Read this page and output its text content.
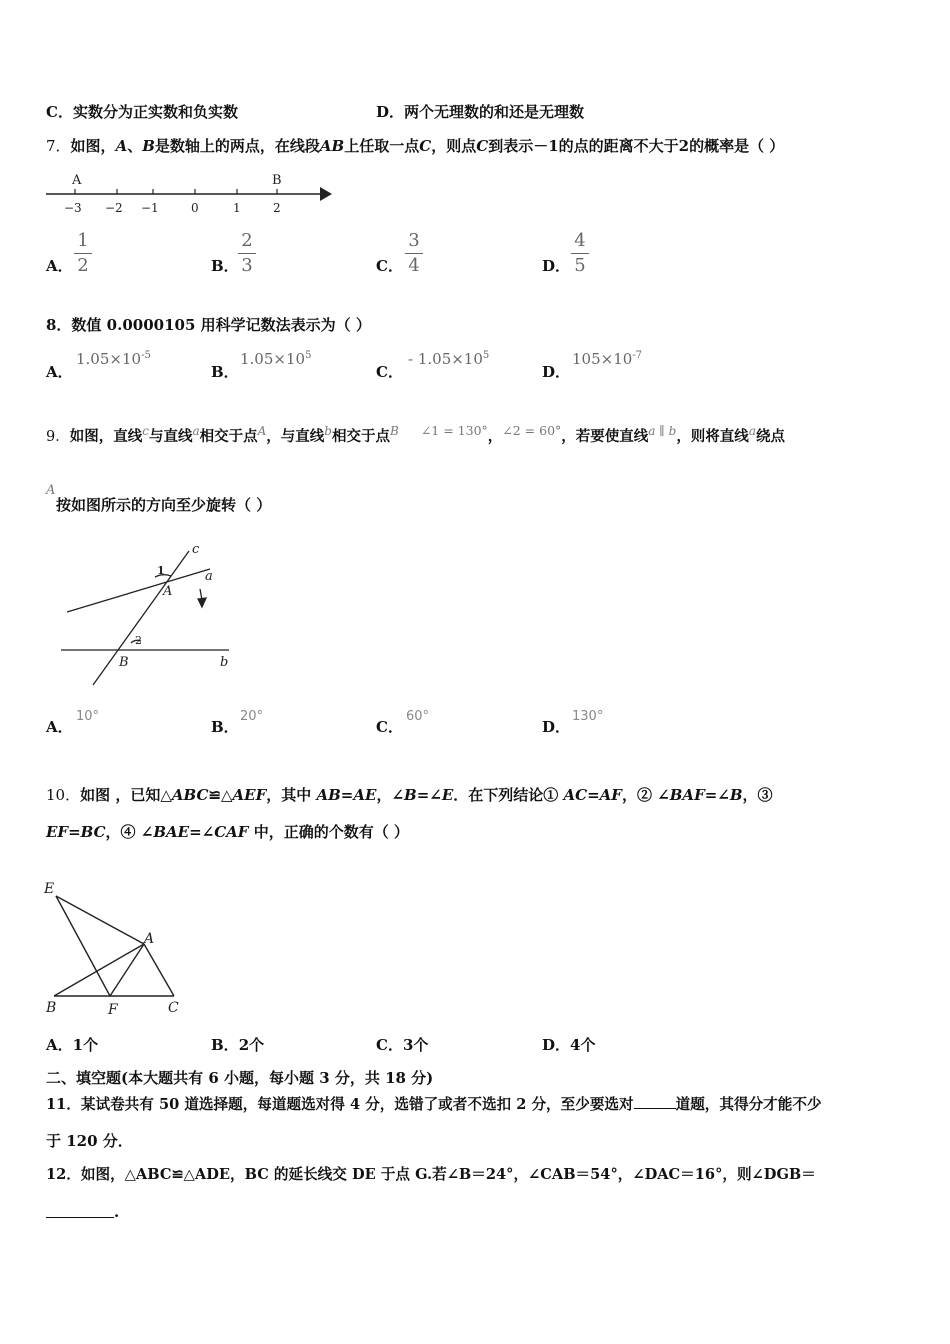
C．实数分为正实数和负实数	D．两个无理数的和还是无理数
7．如图，A、B是数轴上的两点，在线段AB上任取一点C，则点C到表示－1的点的距离不大于2的概率是（ ）
A	B
−3 −2 −1	0	1	2
A．
1
2	B．
2
3	C．
3
4	D．
4
5
8．数值 0.0000105 用科学记数法表示为（ ）
A．
$1.05\times 10^{-5}$
B．
$1.05\times 10^5$
C．
- $1.05\times 10^5$
D．
$105\times 10^{-7}$
9．如图，直线$^c$与直线$^a$相交于点$^A$，与直线$^b$相交于点$^B$ $^{\angle 1 = 130^\circ}$，$^{\angle 2 = 60^\circ}$，若要使直线$^{a \parallel b}$，则将直线$^a$绕点
A
按如图所示的方向至少旋转（ ）
c
a
b
A
B
1
2
A．
10°
B．
20°
C．
60°
D．
130°
10．如图 ，已知△ABC≌△AEF，其中 AB=AE，∠B=∠E．在下列结论① AC=AF，② ∠BAF=∠B，③
EF=BC，④ ∠BAE=∠CAF 中，正确的个数有（ ）
E
A
B	F	C
A．1个	B．2个	C．3个	D．4个
二、填空题(本大题共有 6 小题，每小题 3 分，共 18 分)
11．某试卷共有 50 道选择题，每道题选对得 4 分，选错了或者不选扣 2 分，至少要选对	道题，其得分才能不少
于 120 分．
12．如图，△ABC≌△ADE，BC 的延长线交 DE 于点 G.若∠B＝24°，∠CAB＝54°，∠DAC＝16°，则∠DGB＝
.
